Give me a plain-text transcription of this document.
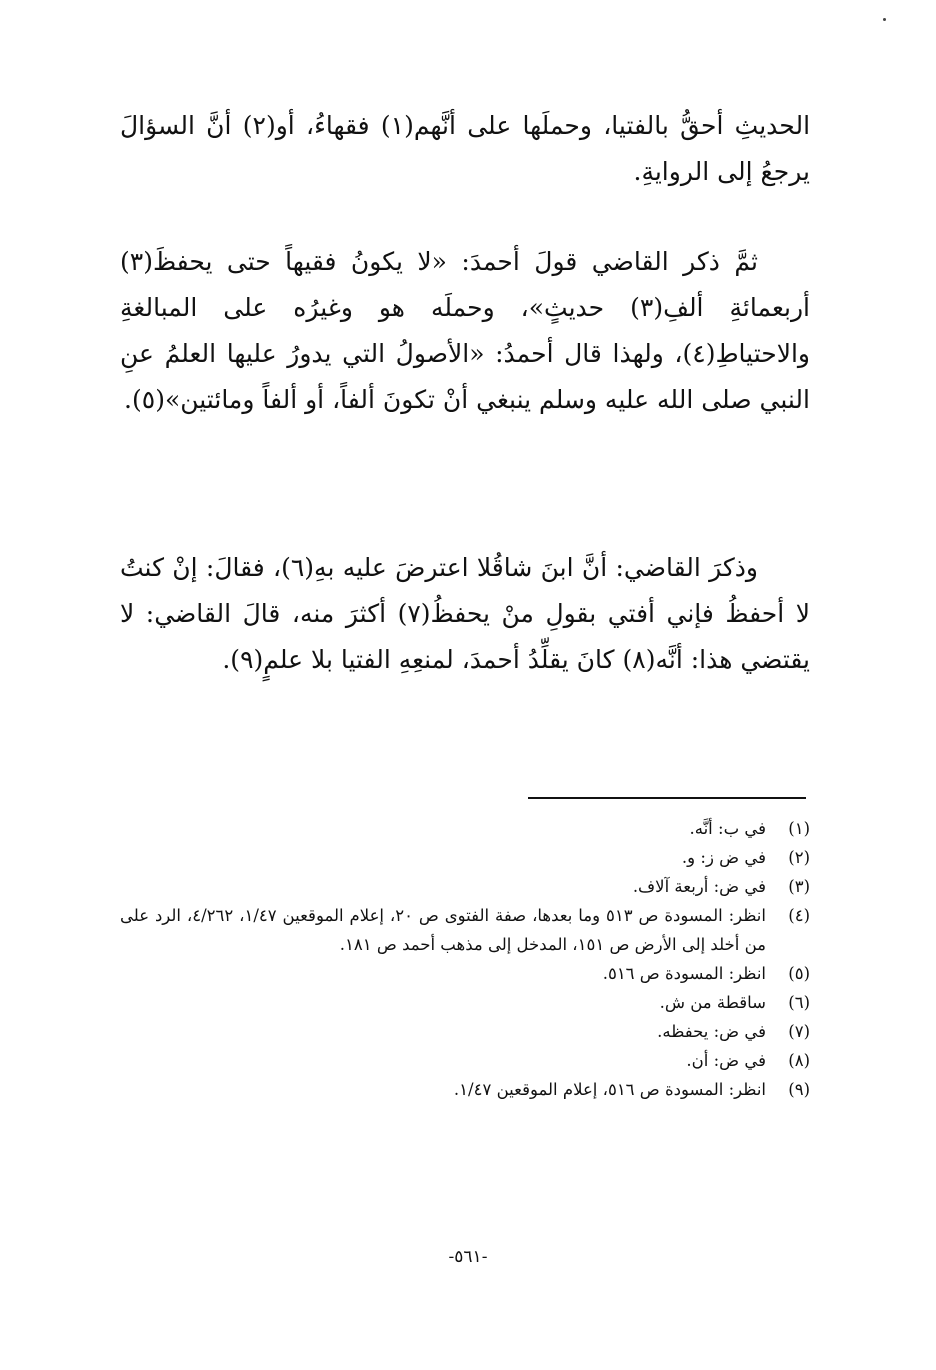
الحديثِ أحقُّ بالفتيا، وحملَها على أنَّهم(١) فقهاءُ، أو(٢) أنَّ السؤالَ يرجعُ إلى الروايةِ.

ثمَّ ذكر القاضي قولَ أحمدَ: «لا يكونُ فقيهاً حتى يحفظَ(٣) أربعمائةِ ألفِ(٣) حديثٍ»، وحملَه هو وغيرُه على المبالغةِ والاحتياطِ(٤)، ولهذا قال أحمدُ: «الأصولُ التي يدورُ عليها العلمُ عنِ النبي صلى الله عليه وسلم ينبغي أنْ تكونَ ألفاً، أو ألفاً ومائتين»(٥).

وذكرَ القاضي: أنَّ ابنَ شاقُلا اعترضَ عليه بهِ(٦)، فقالَ: إنْ كنتُ لا أحفظُ فإني أفتي بقولِ منْ يحفظُ(٧) أكثرَ منه، قالَ القاضي: لا يقتضي هذا: أنَّه(٨) كانَ يقلِّدُ أحمدَ، لمنعِهِ الفتيا بلا علمٍ(٩).

(١)
في ب: أنَّه.
(٢)
في ض ز: و.
(٣)
في ض: أربعة آلاف.
(٤)
انظر: المسودة ص ٥١٣ وما بعدها، صفة الفتوى ص ٢٠، إعلام الموقعين ١/٤٧، ٤/٢٦٢، الرد على من أخلد إلى الأرض ص ١٥١، المدخل إلى مذهب أحمد ص ١٨١.
(٥)
انظر: المسودة ص ٥١٦.
(٦)
ساقطة من ش.
(٧)
في ض: يحفظه.
(٨)
في ض: أن.
(٩)
انظر: المسودة ص ٥١٦، إعلام الموقعين ١/٤٧.
-٥٦١-
